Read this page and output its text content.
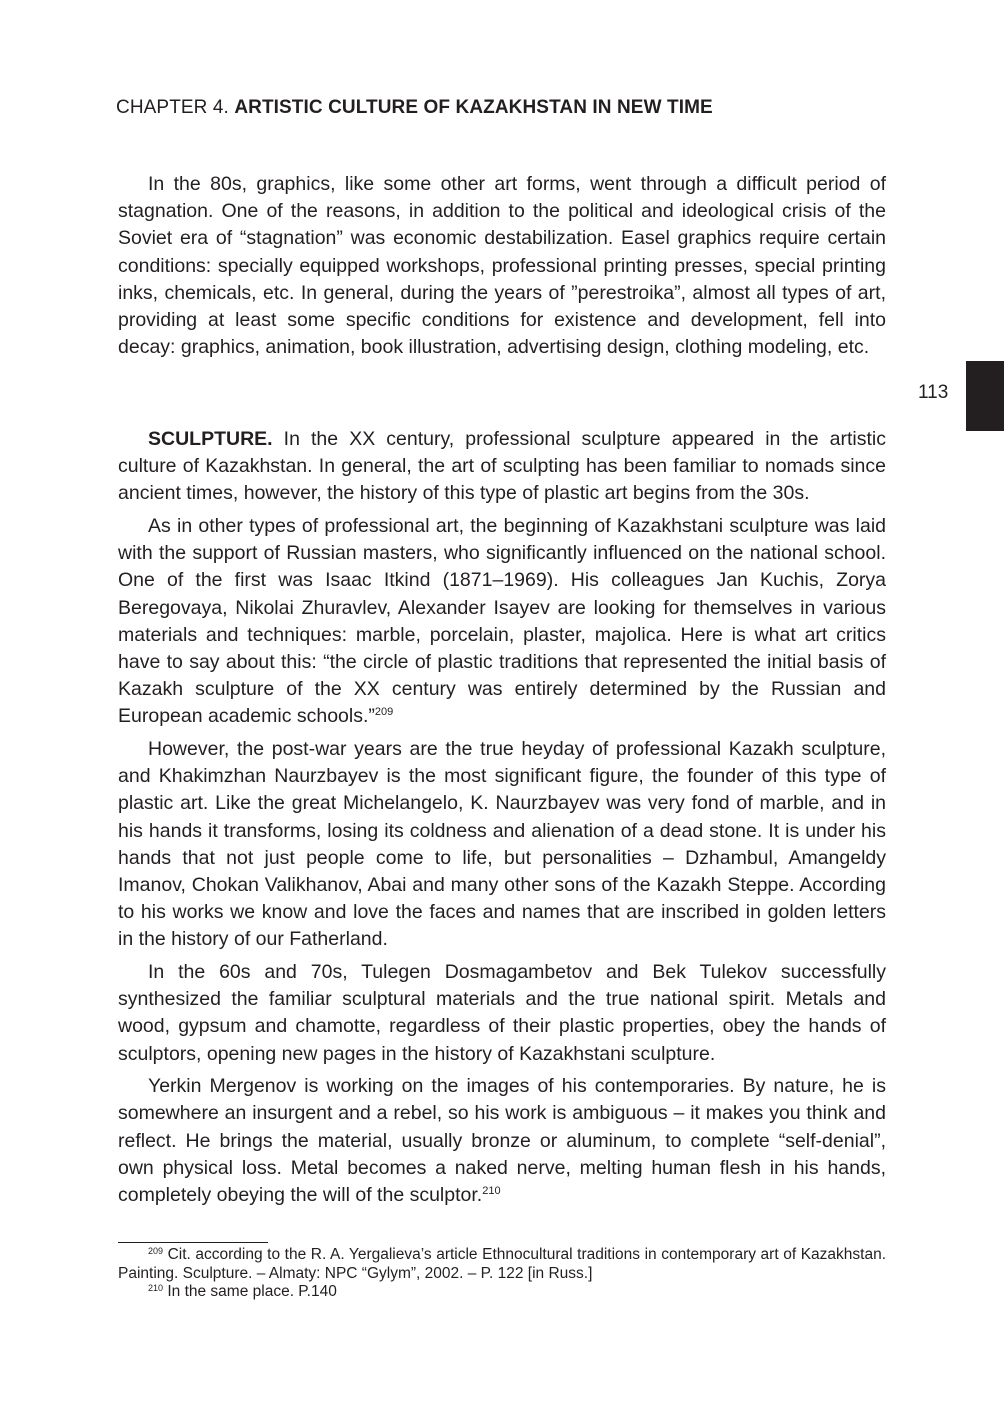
CHAPTER 4. ARTISTIC CULTURE OF KAZAKHSTAN IN NEW TIME
113

In the 80s, graphics, like some other art forms, went through a difficult period of stagnation. One of the reasons, in addition to the political and ideological crisis of the Soviet era of “stagnation” was economic destabilization. Easel graphics require certain conditions: specially equipped workshops, professional printing presses, special printing inks, chemicals, etc. In general, during the years of ”perestroika”, almost all types of art, providing at least some specific conditions for existence and development, fell into decay: graphics, animation, book illustration, advertising design, clothing modeling, etc.

SCULPTURE. In the XX century, professional sculpture appeared in the artistic culture of Kazakhstan. In general, the art of sculpting has been familiar to nomads since ancient times, however, the history of this type of plastic art begins from the 30s.

As in other types of professional art, the beginning of Kazakhstani sculpture was laid with the support of Russian masters, who significantly influenced on the national school. One of the first was Isaac Itkind (1871–1969). His colleagues Jan Kuchis, Zorya Beregovaya, Nikolai Zhuravlev, Alexander Isayev are looking for themselves in various materials and techniques: marble, porcelain, plaster, majolica. Here is what art critics have to say about this: “the circle of plastic traditions that represented the initial basis of Kazakh sculpture of the XX century was entirely determined by the Russian and European academic schools.”$^{209}$

However, the post-war years are the true heyday of professional Kazakh sculpture, and Khakimzhan Naurzbayev is the most significant figure, the founder of this type of plastic art. Like the great Michelangelo, K. Naurzbayev was very fond of marble, and in his hands it transforms, losing its coldness and alienation of a dead stone. It is under his hands that not just people come to life, but personalities – Dzhambul, Amangeldy Imanov, Chokan Valikhanov, Abai and many other sons of the Kazakh Steppe. According to his works we know and love the faces and names that are inscribed in golden letters in the history of our Fatherland.

In the 60s and 70s, Tulegen Dosmagambetov and Bek Tulekov successfully synthesized the familiar sculptural materials and the true national spirit. Metals and wood, gypsum and chamotte, regardless of their plastic properties, obey the hands of sculptors, opening new pages in the history of Kazakhstani sculpture.

Yerkin Mergenov is working on the images of his contemporaries. By nature, he is somewhere an insurgent and a rebel, so his work is ambiguous – it makes you think and reflect. He brings the material, usually bronze or aluminum, to complete “self-denial”, own physical loss. Metal becomes a naked nerve, melting human flesh in his hands, completely obeying the will of the sculptor.$^{210}$

$^{209}$ Cit. according to the R. A. Yergalieva’s article Ethnocultural traditions in contemporary art of Kazakhstan. Painting. Sculpture. – Almaty: NPC “Gylym”, 2002. – P. 122 [in Russ.]

$^{210}$ In the same place. P.140
